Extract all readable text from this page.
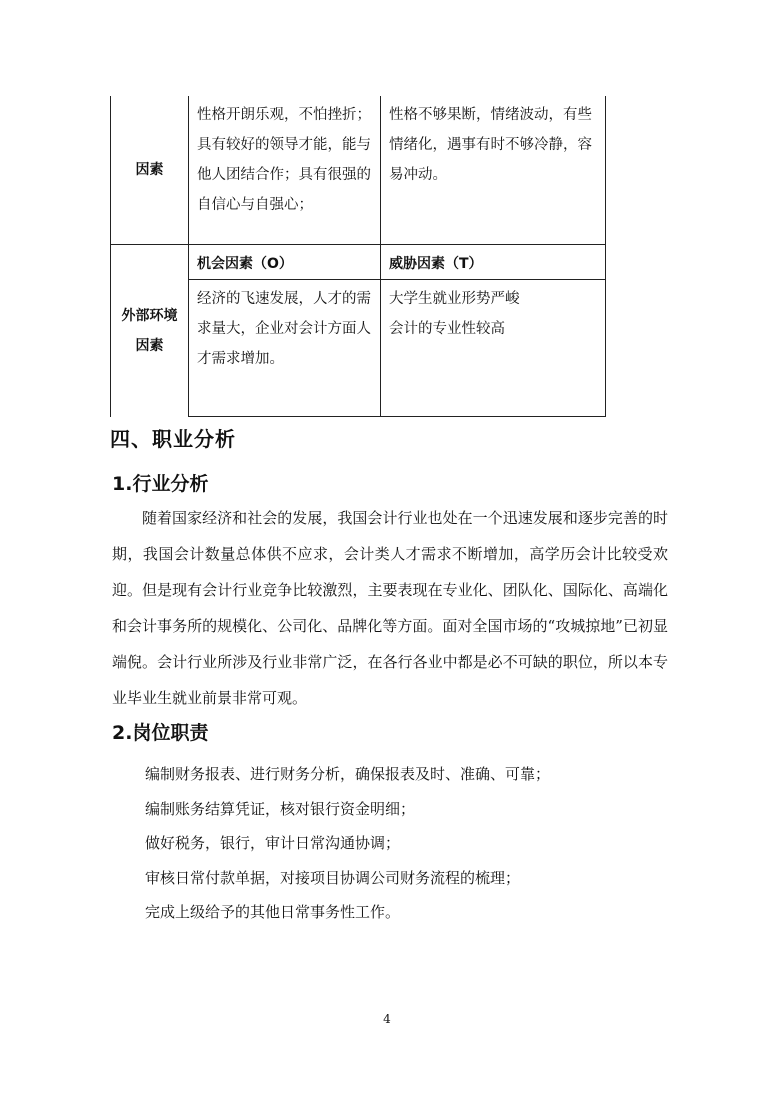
因素	性格开朗乐观，不怕挫折；具有较好的领导才能，能与他人团结合作；具有很强的自信心与自强心；	性格不够果断，情绪波动，有些情绪化，遇事有时不够冷静，容易冲动。

外部环境因素	机会因素（O）	威胁因素（T）

	经济的飞速发展，人才的需求量大，企业对会计方面人才需求增加。	大学生就业形势严峻
会计的专业性较高
四、职业分析
1.行业分析

随着国家经济和社会的发展，我国会计行业也处在一个迅速发展和逐步完善的时期，我国会计数量总体供不应求，会计类人才需求不断增加，高学历会计比较受欢迎。但是现有会计行业竞争比较激烈，主要表现在专业化、团队化、国际化、高端化和会计事务所的规模化、公司化、品牌化等方面。面对全国市场的“攻城掠地”已初显端倪。会计行业所涉及行业非常广泛，在各行各业中都是必不可缺的职位，所以本专业毕业生就业前景非常可观。

2.岗位职责
编制财务报表、进行财务分析，确保报表及时、准确、可靠；
编制账务结算凭证，核对银行资金明细；
做好税务，银行，审计日常沟通协调；
审核日常付款单据，对接项目协调公司财务流程的梳理；
完成上级给予的其他日常事务性工作。
4
